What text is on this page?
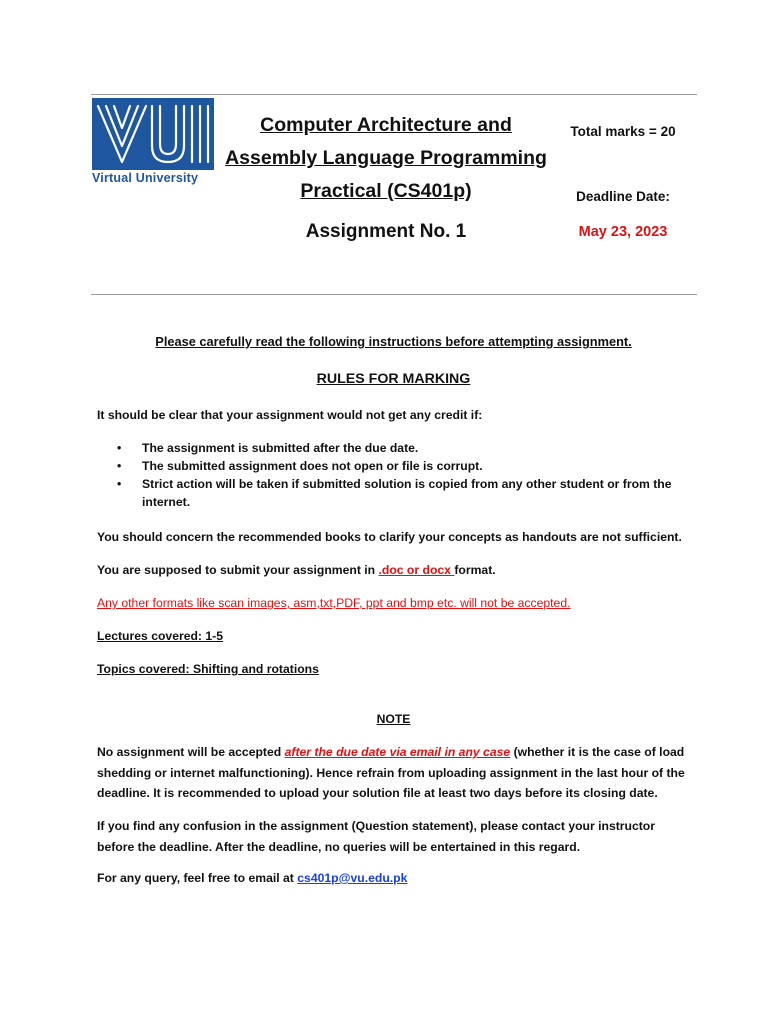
Virtual University
Computer Architecture and
Assembly Language Programming
Practical (CS401p)
Assignment No. 1
Total marks = 20
Deadline Date:
May 23, 2023
Please carefully read the following instructions before attempting assignment.
RULES FOR MARKING
It should be clear that your assignment would not get any credit if:
• The assignment is submitted after the due date.
• The submitted assignment does not open or file is corrupt.
• Strict action will be taken if submitted solution is copied from any other student or from the internet.
You should concern the recommended books to clarify your concepts as handouts are not sufficient.
You are supposed to submit your assignment in .doc or docx format.
Any other formats like scan images, asm,txt,PDF, ppt and bmp etc. will not be accepted.
Lectures covered: 1-5
Topics covered: Shifting and rotations
NOTE
No assignment will be accepted after the due date via email in any case (whether it is the case of load shedding or internet malfunctioning). Hence refrain from uploading assignment in the last hour of the deadline. It is recommended to upload your solution file at least two days before its closing date.
If you find any confusion in the assignment (Question statement), please contact your instructor before the deadline. After the deadline, no queries will be entertained in this regard.
For any query, feel free to email at cs401p@vu.edu.pk
